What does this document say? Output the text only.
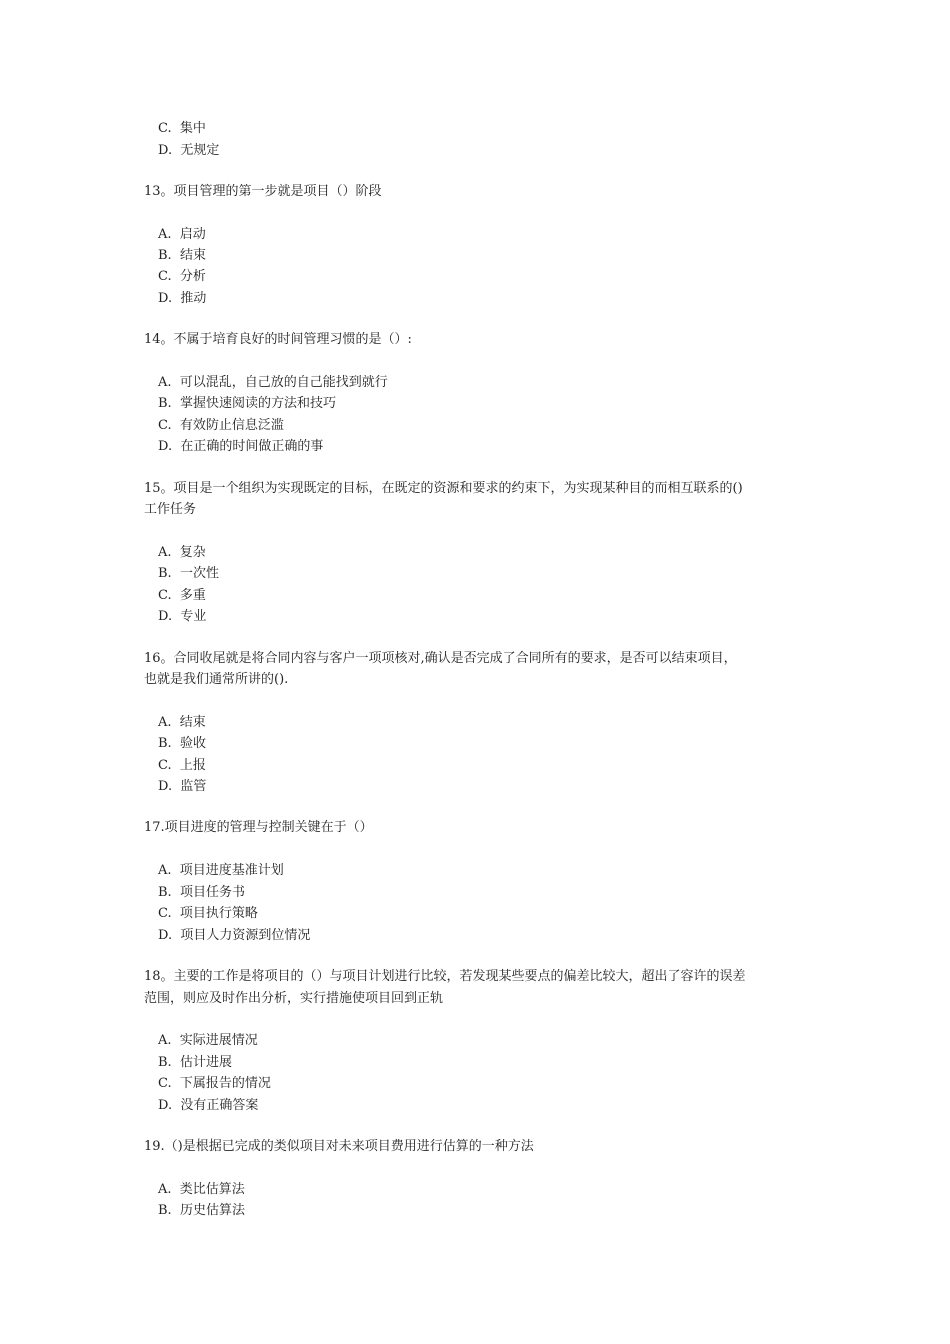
C. 集中
D. 无规定
13。项目管理的第一步就是项目（）阶段
A. 启动
B. 结束
C. 分析
D. 推动
14。不属于培育良好的时间管理习惯的是（）:
A. 可以混乱，自己放的自己能找到就行
B. 掌握快速阅读的方法和技巧
C. 有效防止信息泛滥
D. 在正确的时间做正确的事
15。项目是一个组织为实现既定的目标，在既定的资源和要求的约束下，为实现某种目的而相互联系的()
工作任务
A. 复杂
B. 一次性
C. 多重
D. 专业
16。合同收尾就是将合同内容与客户一项项核对,确认是否完成了合同所有的要求，是否可以结束项目，
也就是我们通常所讲的().
A. 结束
B. 验收
C. 上报
D. 监管
17.项目进度的管理与控制关键在于（）
A. 项目进度基准计划
B. 项目任务书
C. 项目执行策略
D. 项目人力资源到位情况
18。主要的工作是将项目的（）与项目计划进行比较，若发现某些要点的偏差比较大，超出了容许的误差
范围，则应及时作出分析，实行措施使项目回到正轨
A. 实际进展情况
B. 估计进展
C. 下属报告的情况
D. 没有正确答案
19.（)是根据已完成的类似项目对未来项目费用进行估算的一种方法
A. 类比估算法
B. 历史估算法
